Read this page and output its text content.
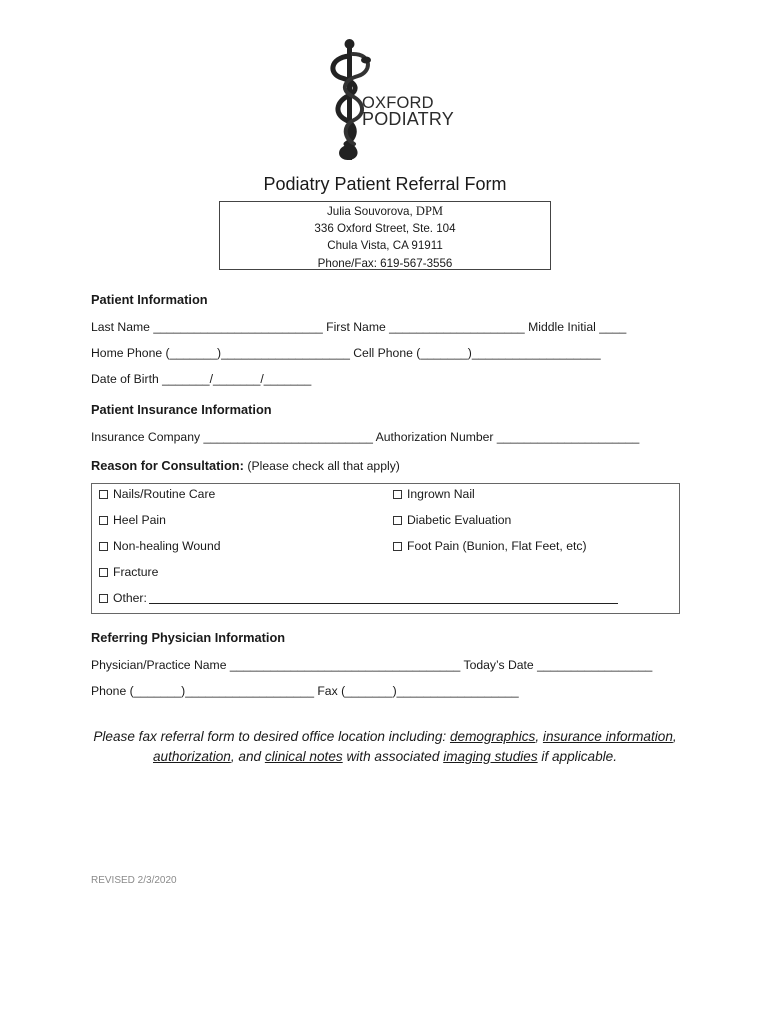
OXFORD
PODIATRY
Podiatry Patient Referral Form
Julia Souvorova, DPM
336 Oxford Street, Ste. 104
Chula Vista, CA 91911
Phone/Fax: 619-567-3556
Patient Information
Last Name _________________________ First Name ____________________ Middle Initial ____
Home Phone (_______)___________________ Cell Phone (_______)___________________
Date of Birth _______/_______/_______
Patient Insurance Information
Insurance Company _________________________ Authorization Number _____________________
Reason for Consultation: (Please check all that apply)
Nails/Routine Care	Ingrown Nail
Heel Pain	Diabetic Evaluation
Non-healing Wound	Foot Pain (Bunion, Flat Feet, etc)
Fracture
Other:
Referring Physician Information
Physician/Practice Name __________________________________ Today’s Date _________________
Phone (_______)___________________ Fax (_______)__________________
Please fax referral form to desired office location including: demographics, insurance information, authorization, and clinical notes with associated imaging studies if applicable.
REVISED 2/3/2020
